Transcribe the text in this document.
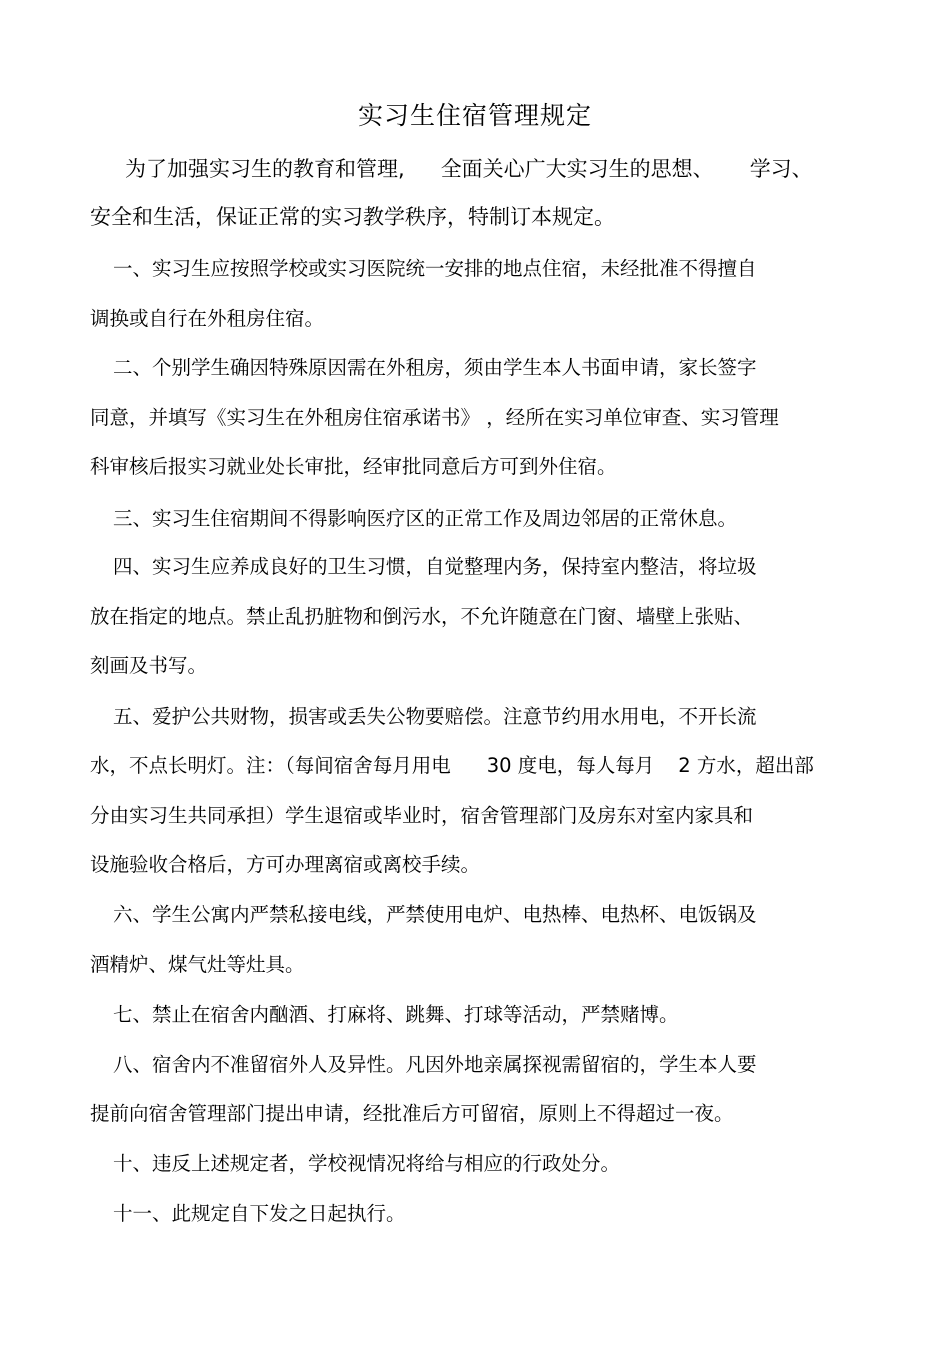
实习生住宿管理规定
为了加强实习生的教育和管理, 全面关心广大实习生的思想、 学习、
安全和生活，保证正常的实习教学秩序，特制订本规定。
一、实习生应按照学校或实习医院统一安排的地点住宿，未经批准不得擅自
调换或自行在外租房住宿。
二、个别学生确因特殊原因需在外租房，须由学生本人书面申请，家长签字
同意，并填写《实习生在外租房住宿承诺书》 ，经所在实习单位审查、实习管理
科审核后报实习就业处长审批，经审批同意后方可到外住宿。
三、实习生住宿期间不得影响医疗区的正常工作及周边邻居的正常休息。
四、实习生应养成良好的卫生习惯，自觉整理内务，保持室内整洁，将垃圾
放在指定的地点。禁止乱扔脏物和倒污水，不允许随意在门窗、墙壁上张贴、
刻画及书写。
五、爱护公共财物，损害或丢失公物要赔偿。注意节约用水用电，不开长流
水，不点长明灯。注：（每间宿舍每月用电 30 度电，每人每月 2 方水，超出部
分由实习生共同承担）学生退宿或毕业时，宿舍管理部门及房东对室内家具和
设施验收合格后，方可办理离宿或离校手续。
六、学生公寓内严禁私接电线，严禁使用电炉、电热棒、电热杯、电饭锅及
酒精炉、煤气灶等灶具。
七、禁止在宿舍内酗酒、打麻将、跳舞、打球等活动，严禁赌博。
八、宿舍内不准留宿外人及异性。凡因外地亲属探视需留宿的，学生本人要
提前向宿舍管理部门提出申请，经批准后方可留宿，原则上不得超过一夜。
十、违反上述规定者，学校视情况将给与相应的行政处分。
十一、此规定自下发之日起执行。
